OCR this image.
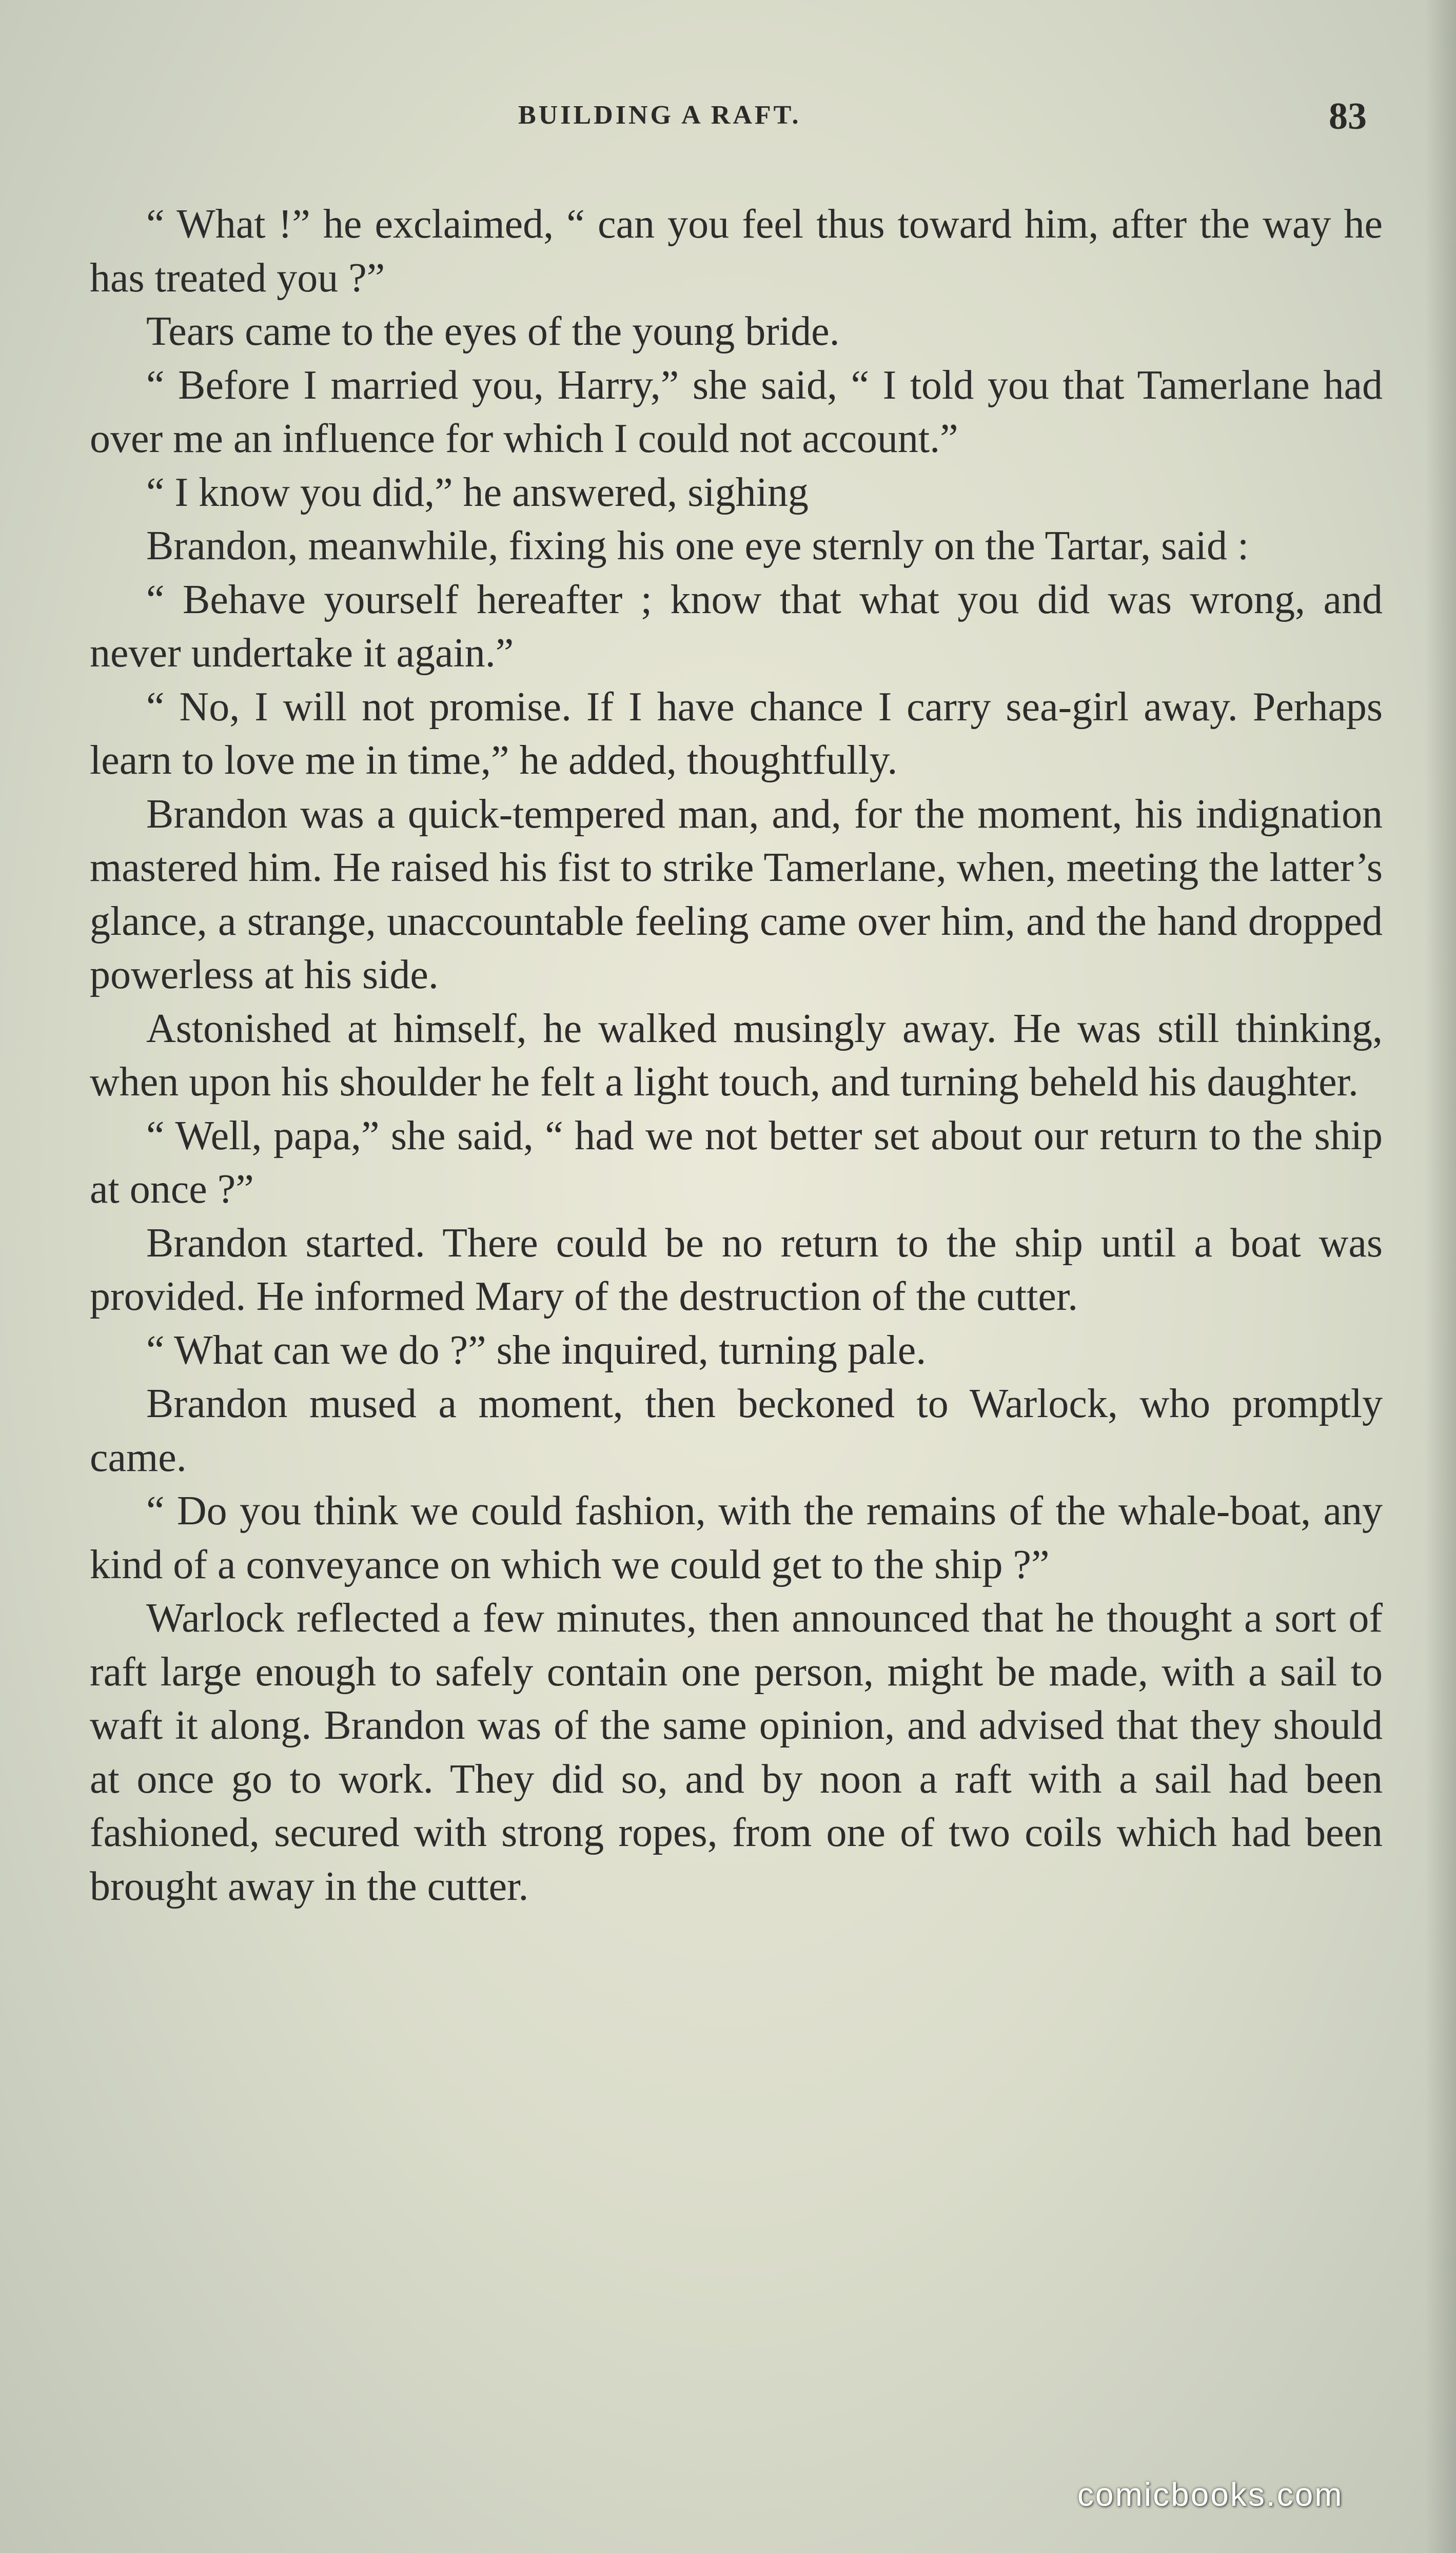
BUILDING A RAFT.	83

“ What !” he exclaimed, “ can you feel thus toward him, after the way he has treated you ?”

Tears came to the eyes of the young bride.

“ Before I married you, Harry,” she said, “ I told you that Tamerlane had over me an influence for which I could not account.”

“ I know you did,” he answered, sighing

Brandon, meanwhile, fixing his one eye sternly on the Tartar, said :

“ Behave yourself hereafter ; know that what you did was wrong, and never undertake it again.”

“ No, I will not promise. If I have chance I carry sea-girl away. Perhaps learn to love me in time,” he added, thoughtfully.

Brandon was a quick-tempered man, and, for the moment, his indignation mastered him. He raised his fist to strike Tamerlane, when, meeting the latter’s glance, a strange, unaccountable feeling came over him, and the hand dropped powerless at his side.

Astonished at himself, he walked musingly away. He was still thinking, when upon his shoulder he felt a light touch, and turning beheld his daughter.

“ Well, papa,” she said, “ had we not better set about our return to the ship at once ?”

Brandon started. There could be no return to the ship until a boat was provided. He informed Mary of the destruction of the cutter.

“ What can we do ?” she inquired, turning pale.

Brandon mused a moment, then beckoned to Warlock, who promptly came.

“ Do you think we could fashion, with the remains of the whale-boat, any kind of a conveyance on which we could get to the ship ?”

Warlock reflected a few minutes, then announced that he thought a sort of raft large enough to safely contain one person, might be made, with a sail to waft it along. Brandon was of the same opinion, and advised that they should at once go to work. They did so, and by noon a raft with a sail had been fashioned, secured with strong ropes, from one of two coils which had been brought away in the cutter.

comicbooks.com
